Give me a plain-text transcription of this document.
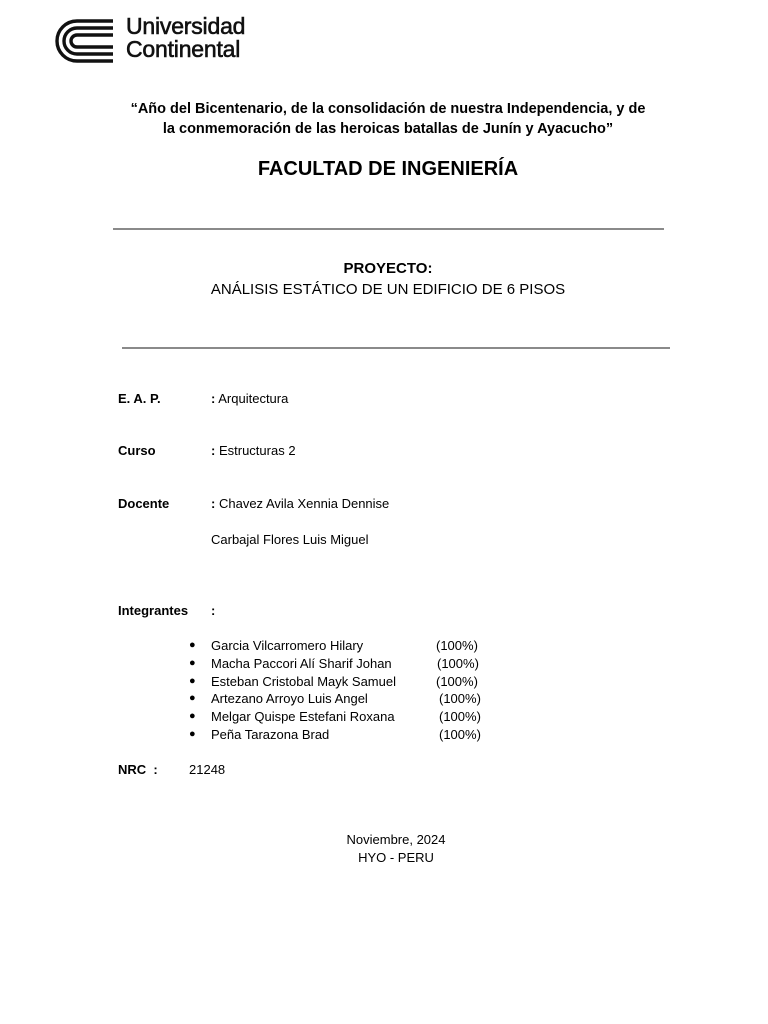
Universidad
Continental
“Año del Bicentenario, de la consolidación de nuestra Independencia, y de
la conmemoración de las heroicas batallas de Junín y Ayacucho”
FACULTAD DE INGENIERÍA
PROYECTO:
ANÁLISIS ESTÁTICO DE UN EDIFICIO DE 6 PISOS
E. A. P.	: Arquitectura
Curso	: Estructuras 2
Docente	: Chavez Avila Xennia Dennise
Carbajal Flores Luis Miguel
Integrantes :
● Garcia Vilcarromero Hilary	(100%)
● Macha Paccori Alí Sharif Johan	(100%)
● Esteban Cristobal Mayk Samuel	(100%)
● Artezano Arroyo Luis Angel	(100%)
● Melgar Quispe Estefani Roxana	(100%)
● Peña Tarazona Brad	(100%)
NRC  : 21248
Noviembre, 2024
HYO - PERU
